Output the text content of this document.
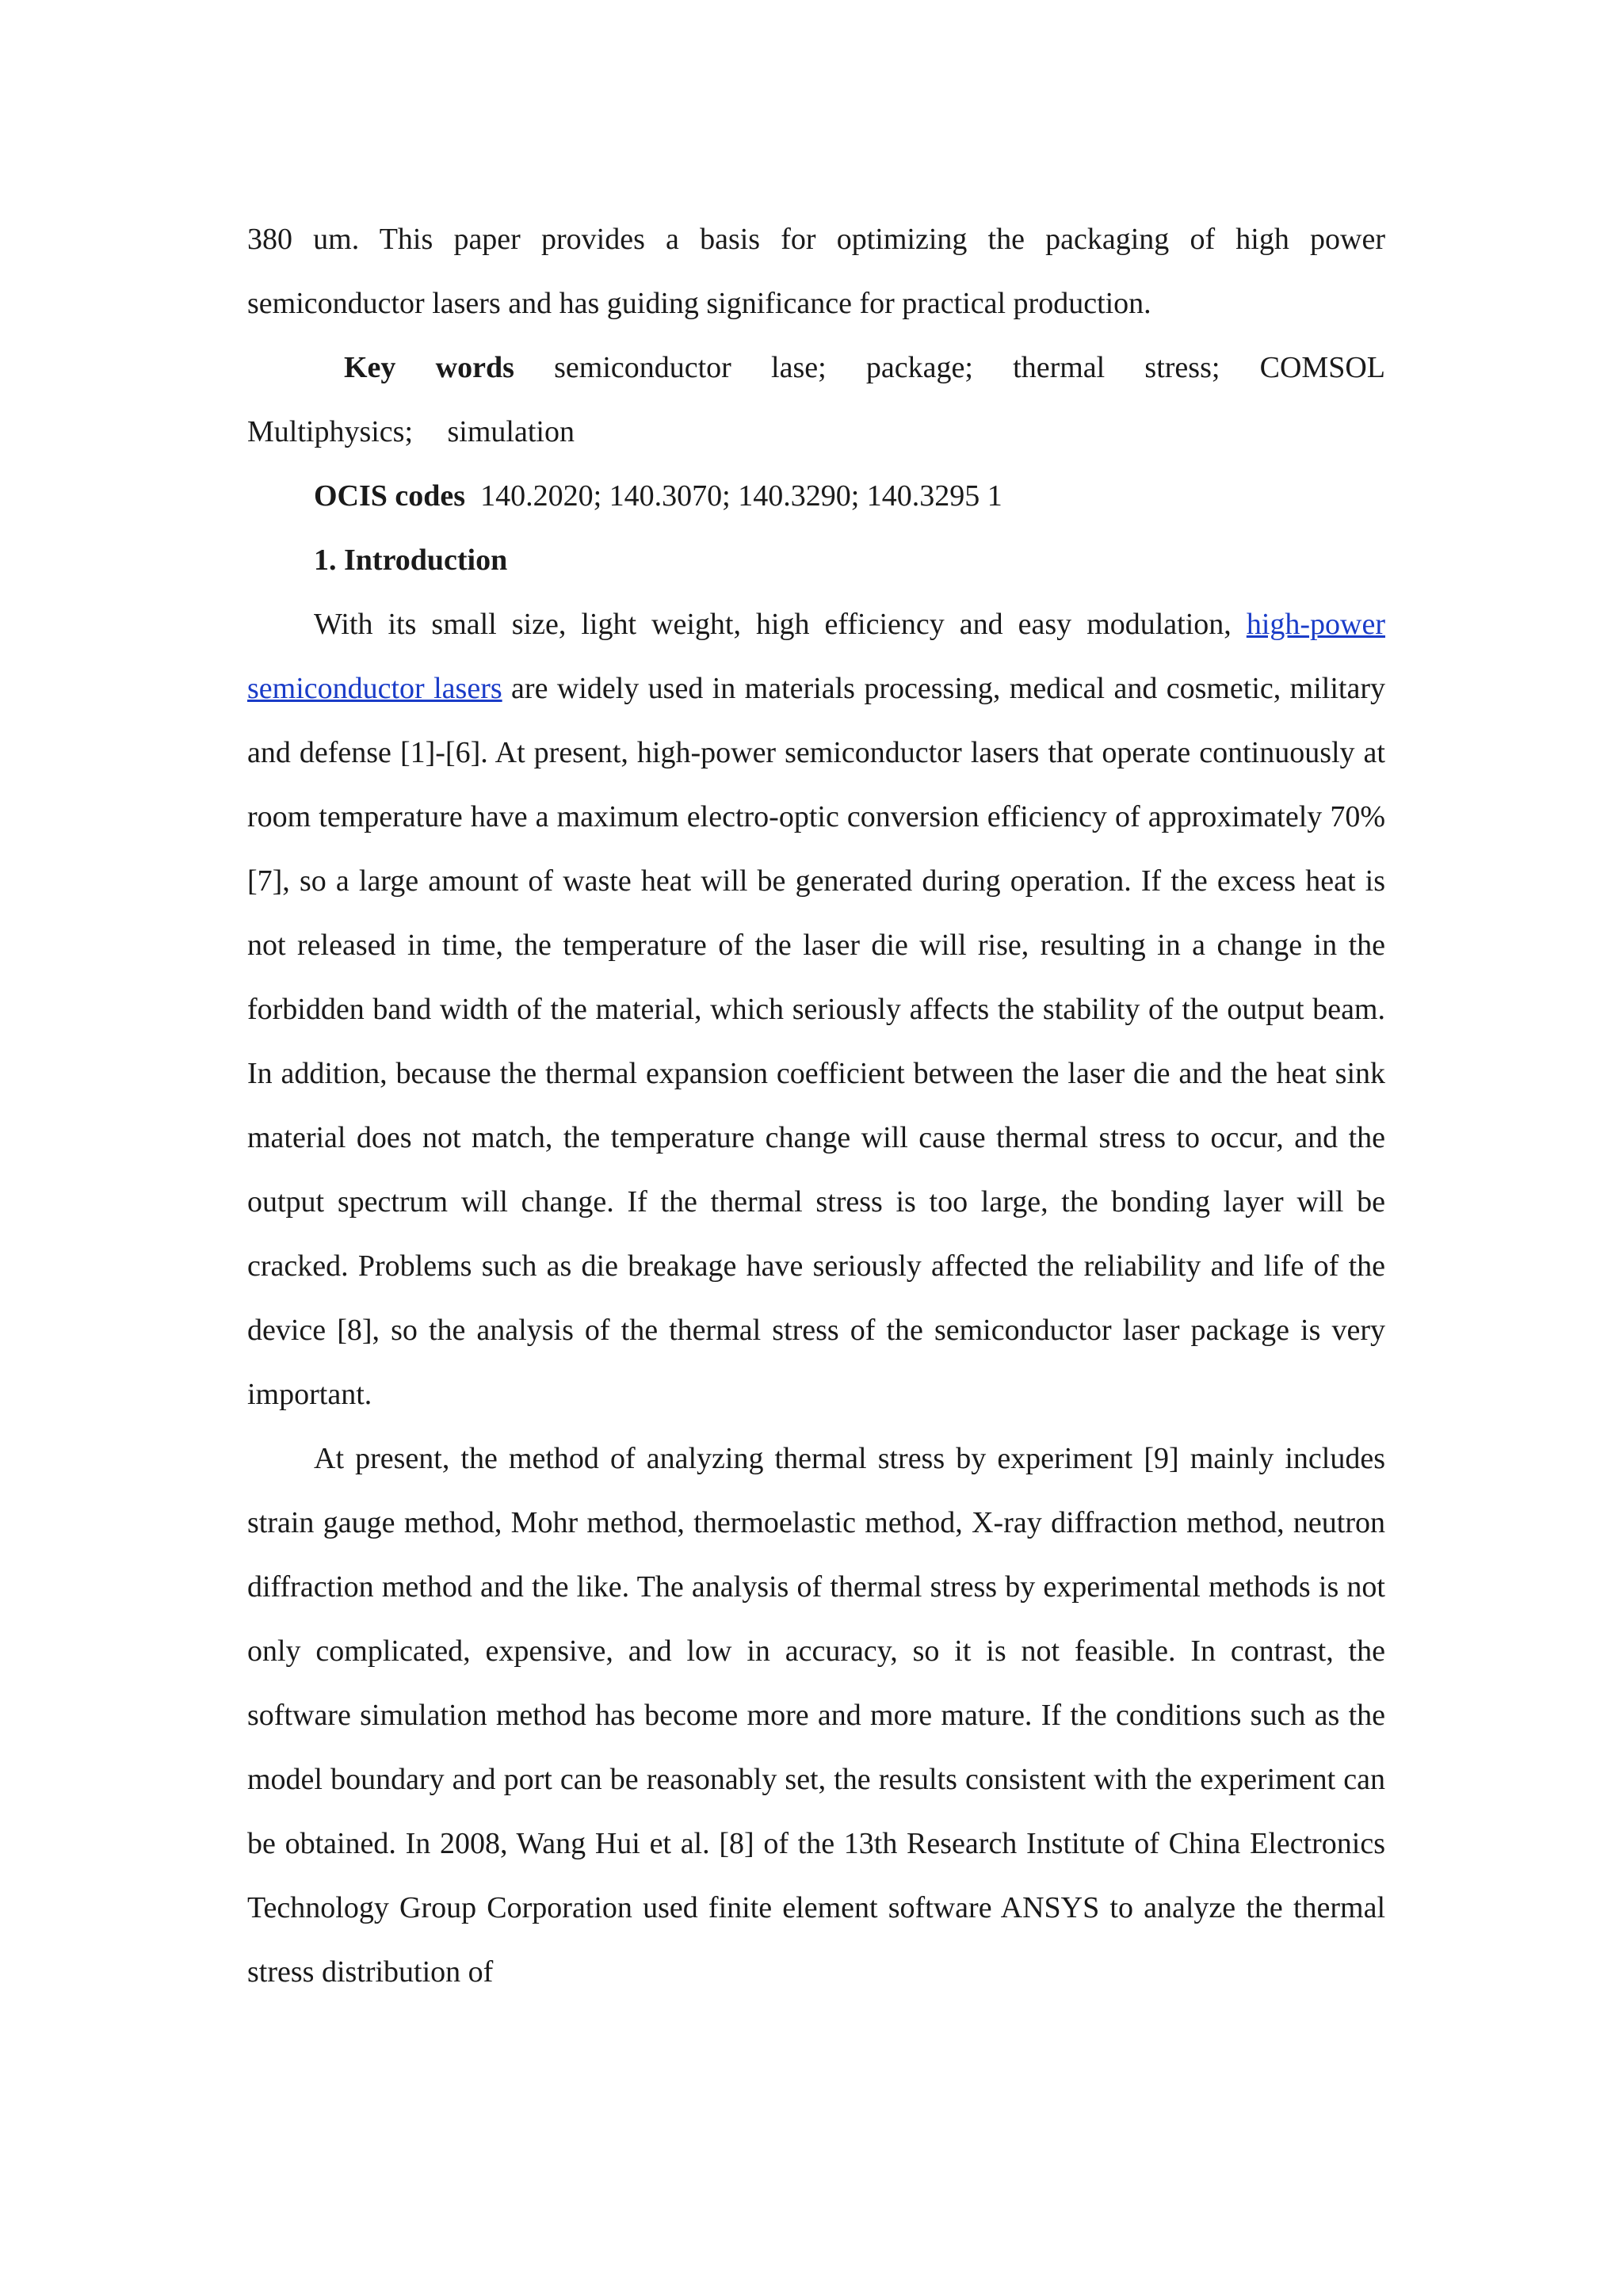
380 um. This paper provides a basis for optimizing the packaging of high power semiconductor lasers and has guiding significance for practical production.

Key words semiconductor lase; package; thermal stress; COMSOL Multiphysics; simulation

OCIS codes  140.2020; 140.3070; 140.3290; 140.3295 1

1. Introduction

With its small size, light weight, high efficiency and easy modulation, high-power semiconductor lasers are widely used in materials processing, medical and cosmetic, military and defense [1]-[6]. At present, high-power semiconductor lasers that operate continuously at room temperature have a maximum electro-optic conversion efficiency of approximately 70% [7], so a large amount of waste heat will be generated during operation. If the excess heat is not released in time, the temperature of the laser die will rise, resulting in a change in the forbidden band width of the material, which seriously affects the stability of the output beam. In addition, because the thermal expansion coefficient between the laser die and the heat sink material does not match, the temperature change will cause thermal stress to occur, and the output spectrum will change. If the thermal stress is too large, the bonding layer will be cracked. Problems such as die breakage have seriously affected the reliability and life of the device [8], so the analysis of the thermal stress of the semiconductor laser package is very important.

At present, the method of analyzing thermal stress by experiment [9] mainly includes strain gauge method, Mohr method, thermoelastic method, X-ray diffraction method, neutron diffraction method and the like. The analysis of thermal stress by experimental methods is not only complicated, expensive, and low in accuracy, so it is not feasible. In contrast, the software simulation method has become more and more mature. If the conditions such as the model boundary and port can be reasonably set, the results consistent with the experiment can be obtained. In 2008, Wang Hui et al. [8] of the 13th Research Institute of China Electronics Technology Group Corporation used finite element software ANSYS to analyze the thermal stress distribution of
